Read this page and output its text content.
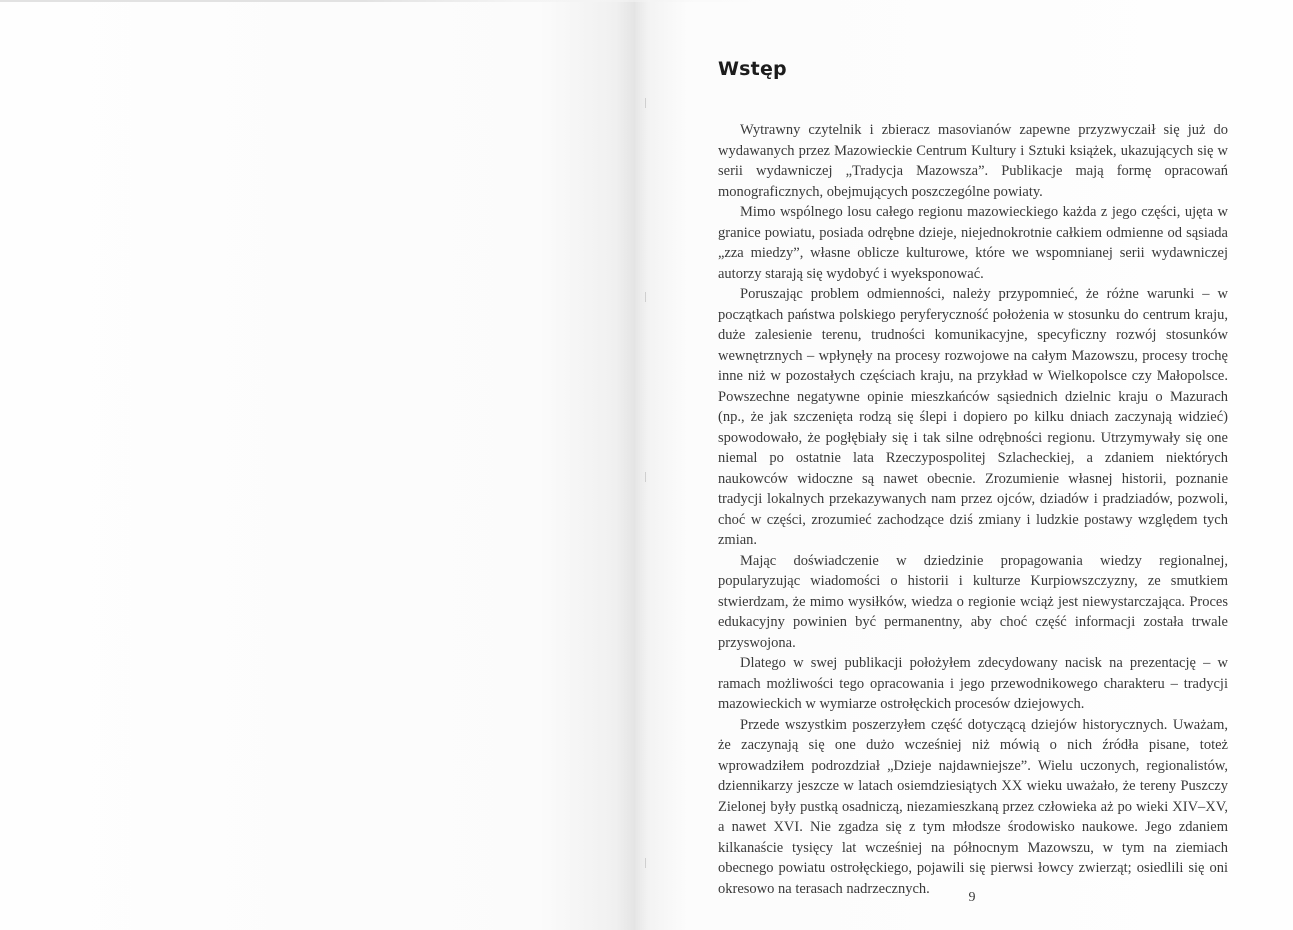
Wstęp

Wytrawny czytelnik i zbieracz masovianów zapewne przyzwyczaił się już do wydawanych przez Mazowieckie Centrum Kultury i Sztuki książek, ukazujących się w serii wydawniczej „Tradycja Mazowsza”. Publikacje mają formę opracowań monograficznych, obejmujących poszczególne powiaty.

Mimo wspólnego losu całego regionu mazowieckiego każda z jego części, ujęta w granice powiatu, posiada odrębne dzieje, niejednokrotnie całkiem odmienne od sąsiada „zza miedzy”, własne oblicze kulturowe, które we wspomnianej serii wydawniczej autorzy starają się wydobyć i wyeksponować.

Poruszając problem odmienności, należy przypomnieć, że różne warunki – w początkach państwa polskiego peryferyczność położenia w stosunku do centrum kraju, duże zalesienie terenu, trudności komunikacyjne, specyficzny rozwój stosunków wewnętrznych – wpłynęły na procesy rozwojowe na całym Mazowszu, procesy trochę inne niż w pozostałych częściach kraju, na przykład w Wielkopolsce czy Małopolsce. Powszechne negatywne opinie mieszkańców sąsiednich dzielnic kraju o Mazurach (np., że jak szczenięta rodzą się ślepi i dopiero po kilku dniach zaczynają widzieć) spowodowało, że pogłębiały się i tak silne odrębności regionu. Utrzymywały się one niemal po ostatnie lata Rzeczypospolitej Szlacheckiej, a zdaniem niektórych naukowców widoczne są nawet obecnie. Zrozumienie własnej historii, poznanie tradycji lokalnych przekazywanych nam przez ojców, dziadów i pradziadów, pozwoli, choć w części, zrozumieć zachodzące dziś zmiany i ludzkie postawy względem tych zmian.

Mając doświadczenie w dziedzinie propagowania wiedzy regionalnej, popularyzując wiadomości o historii i kulturze Kurpiowszczyzny, ze smutkiem stwierdzam, że mimo wysiłków, wiedza o regionie wciąż jest niewystarczająca. Proces edukacyjny powinien być permanentny, aby choć część informacji została trwale przyswojona.

Dlatego w swej publikacji położyłem zdecydowany nacisk na prezentację – w ramach możliwości tego opracowania i jego przewodnikowego charakteru – tradycji mazowieckich w wymiarze ostrołęckich procesów dziejowych.

Przede wszystkim poszerzyłem część dotyczącą dziejów historycznych. Uważam, że zaczynają się one dużo wcześniej niż mówią o nich źródła pisane, toteż wprowadziłem podrozdział „Dzieje najdawniejsze”. Wielu uczonych, regionalistów, dziennikarzy jeszcze w latach osiemdziesiątych XX wieku uważało, że tereny Puszczy Zielonej były pustką osadniczą, niezamieszkaną przez człowieka aż po wieki XIV–XV, a nawet XVI. Nie zgadza się z tym młodsze środowisko naukowe. Jego zdaniem kilkanaście tysięcy lat wcześniej na północnym Mazowszu, w tym na ziemiach obecnego powiatu ostrołęckiego, pojawili się pierwsi łowcy zwierząt; osiedlili się oni okresowo na terasach nadrzecznych.

9
